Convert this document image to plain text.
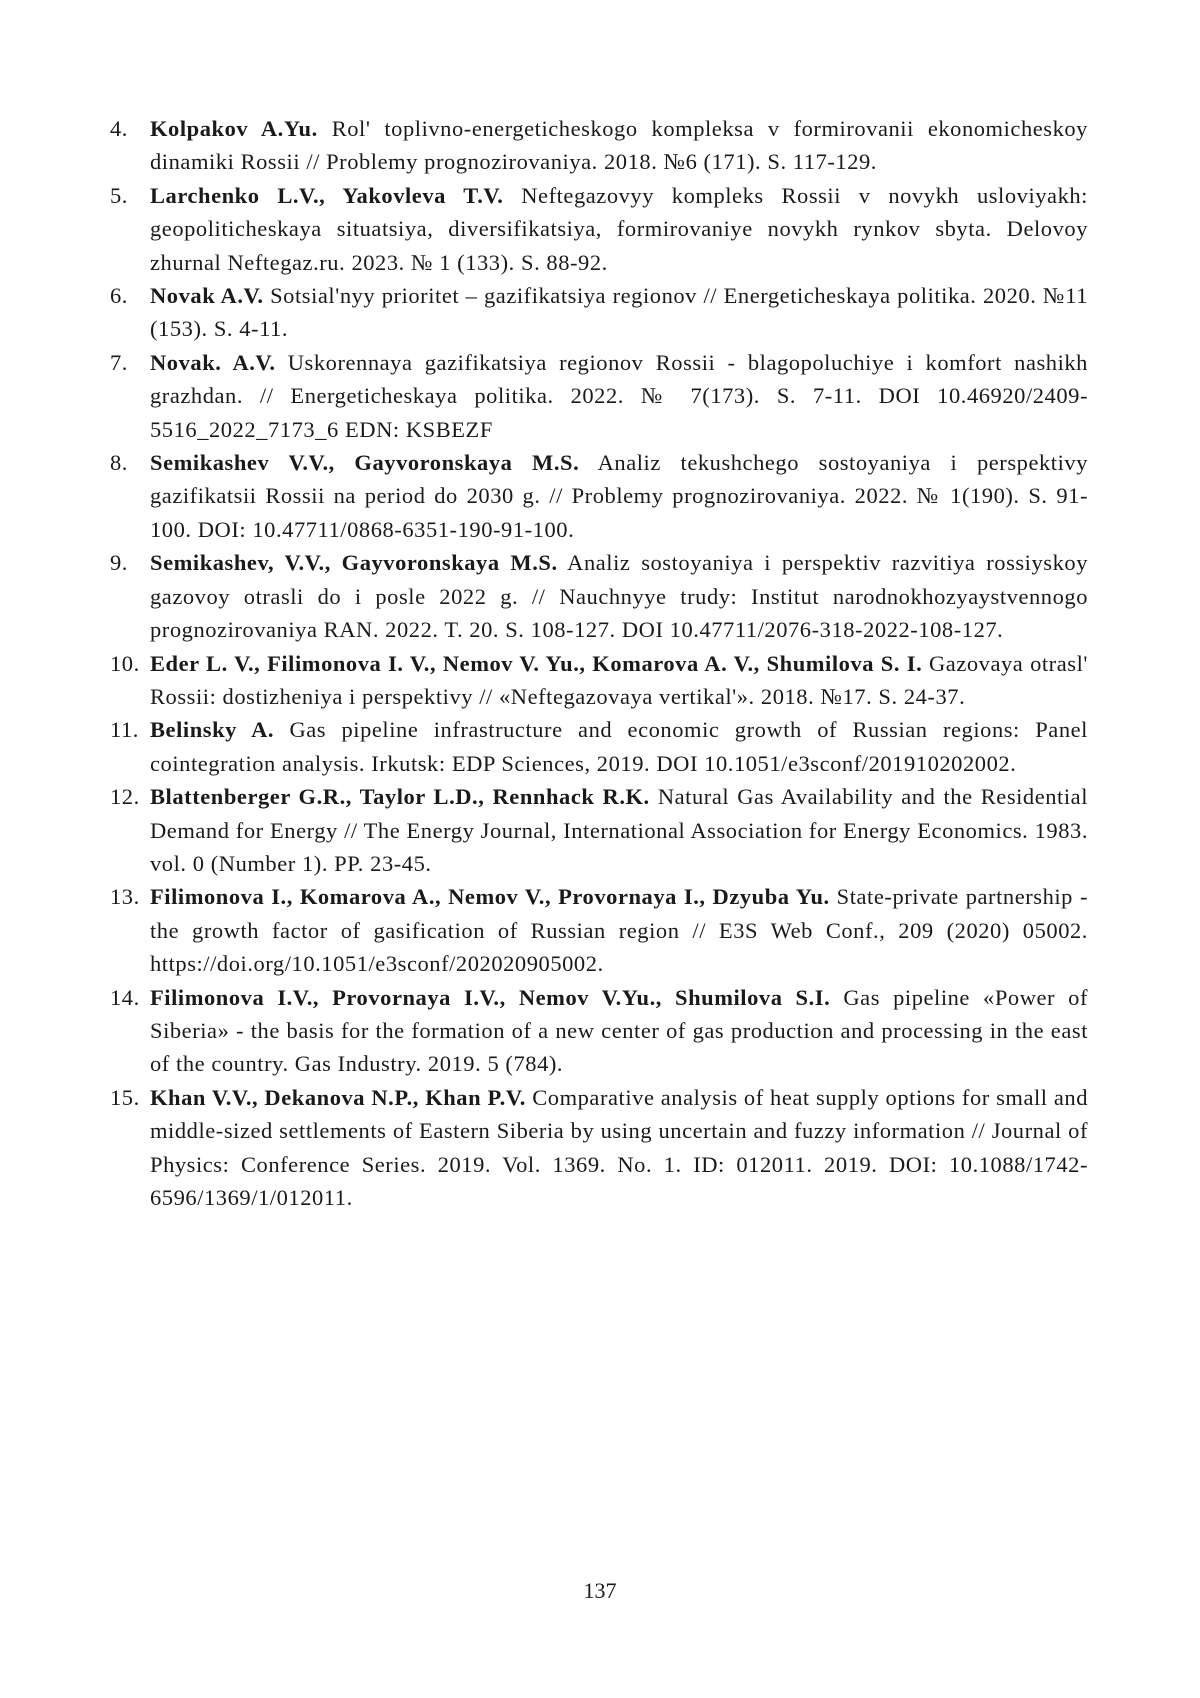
4. Kolpakov A.Yu. Rol' toplivno-energeticheskogo kompleksa v formirovanii ekonomicheskoy dinamiki Rossii // Problemy prognozirovaniya. 2018. №6 (171). S. 117-129.
5. Larchenko L.V., Yakovleva T.V. Neftegazovyy kompleks Rossii v novykh usloviyakh: geopoliticheskaya situatsiya, diversifikatsiya, formirovaniye novykh rynkov sbyta. Delovoy zhurnal Neftegaz.ru. 2023. № 1 (133). S. 88-92.
6. Novak A.V. Sotsial'nyy prioritet – gazifikatsiya regionov // Energeticheskaya politika. 2020. №11 (153). S. 4-11.
7. Novak. A.V. Uskorennaya gazifikatsiya regionov Rossii - blagopoluchiye i komfort nashikh grazhdan. // Energeticheskaya politika. 2022. № 7(173). S. 7-11. DOI 10.46920/2409-5516_2022_7173_6 EDN: KSBEZF
8. Semikashev V.V., Gayvoronskaya M.S. Analiz tekushchego sostoyaniya i perspektivy gazifikatsii Rossii na period do 2030 g. // Problemy prognozirovaniya. 2022. № 1(190). S. 91-100. DOI: 10.47711/0868-6351-190-91-100.
9. Semikashev, V.V., Gayvoronskaya M.S. Analiz sostoyaniya i perspektiv razvitiya rossiyskoy gazovoy otrasli do i posle 2022 g. // Nauchnyye trudy: Institut narodnokhozyaystvennogo prognozirovaniya RAN. 2022. T. 20. S. 108-127. DOI 10.47711/2076-318-2022-108-127.
10. Eder L. V., Filimonova I. V., Nemov V. Yu., Komarova A. V., Shumilova S. I. Gazovaya otrasl' Rossii: dostizheniya i perspektivy // «Neftegazovaya vertikal'». 2018. №17. S. 24-37.
11. Belinsky A. Gas pipeline infrastructure and economic growth of Russian regions: Panel cointegration analysis. Irkutsk: EDP Sciences, 2019. DOI 10.1051/e3sconf/201910202002.
12. Blattenberger G.R., Taylor L.D., Rennhack R.K. Natural Gas Availability and the Residential Demand for Energy // The Energy Journal, International Association for Energy Economics. 1983. vol. 0 (Number 1). PP. 23-45.
13. Filimonova I., Komarova A., Nemov V., Provornaya I., Dzyuba Yu. State-private partnership - the growth factor of gasification of Russian region // E3S Web Conf., 209 (2020) 05002. https://doi.org/10.1051/e3sconf/202020905002.
14. Filimonova I.V., Provornaya I.V., Nemov V.Yu., Shumilova S.I. Gas pipeline «Power of Siberia» - the basis for the formation of a new center of gas production and processing in the east of the country. Gas Industry. 2019. 5 (784).
15. Khan V.V., Dekanova N.P., Khan P.V. Comparative analysis of heat supply options for small and middle-sized settlements of Eastern Siberia by using uncertain and fuzzy information // Journal of Physics: Conference Series. 2019. Vol. 1369. No. 1. ID: 012011. 2019. DOI: 10.1088/1742-6596/1369/1/012011.
137
